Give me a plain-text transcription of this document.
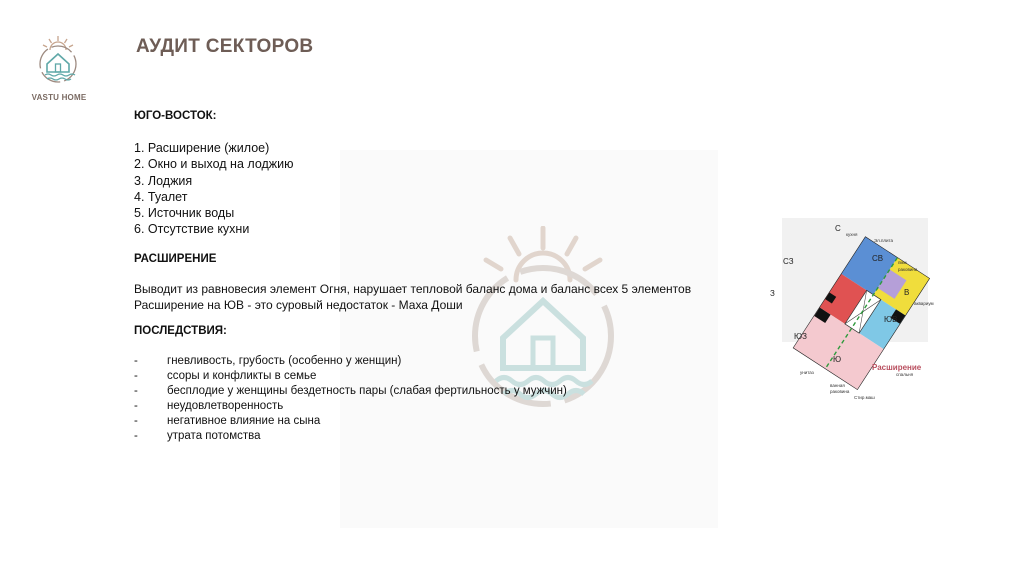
VASTU HOME
АУДИТ СЕКТОРОВ
ЮГО-ВОСТОК:
1. Расширение (жилое)
2. Окно и выход на лоджию
3. Лоджия
4. Туалет
5. Источник воды
6. Отсутствие кухни
РАСШИРЕНИЕ
Выводит из равновесия элемент Огня, нарушает тепловой баланс дома и баланс всех 5 элементов
Расширение на ЮВ - это суровый недостаток - Маха Доши
ПОСЛЕДСТВИЯ:
-	гневливость, грубость (особенно у женщин)
-	ссоры и конфликты в семье
-	бесплодие у женщины бездетность пары (слабая фертильность у мужчин)
-	неудовлетворенность
-	негативное влияние на сына
-	утрата потомства
С
СЗ	СВ
З	В
ЮЗ
Ю
ЮВ
кухня
Эл.плита
пмм
раковина
аквариум
ванная
раковина
Стир.маш
унитаз	спальня
Расширение
